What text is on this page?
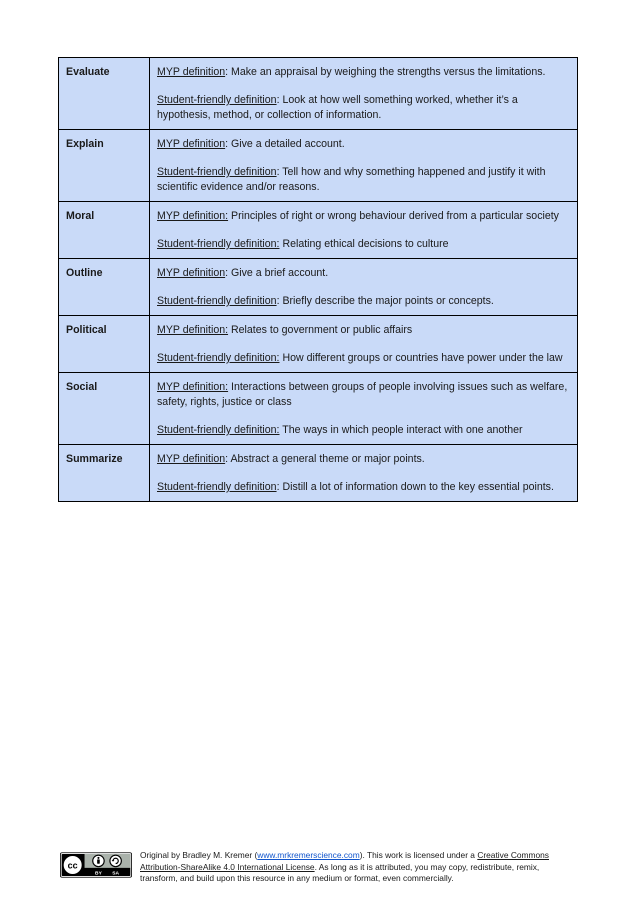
Evaluate	MYP definition: Make an appraisal by weighing the strengths versus the limitations.

Student-friendly definition: Look at how well something worked, whether it’s a hypothesis, method, or collection of information.

Explain	MYP definition: Give a detailed account.

Student-friendly definition: Tell how and why something happened and justify it with scientific evidence and/or reasons.

Moral	MYP definition: Principles of right or wrong behaviour derived from a particular society

Student-friendly definition: Relating ethical decisions to culture

Outline	MYP definition: Give a brief account.

Student-friendly definition: Briefly describe the major points or concepts.

Political	MYP definition: Relates to government or public affairs

Student-friendly definition: How different groups or countries have power under the law

Social	MYP definition: Interactions between groups of people involving issues such as welfare, safety, rights, justice or class

Student-friendly definition: The ways in which people interact with one another

Summarize	MYP definition: Abstract a general theme or major points.

Student-friendly definition: Distill a lot of information down to the key essential points.

cc
BY SA
Original by Bradley M. Kremer (www.mrkremerscience.com). This work is licensed under a Creative Commons Attribution-ShareAlike 4.0 International License. As long as it is attributed, you may copy, redistribute, remix, transform, and build upon this resource in any medium or format, even commercially.
